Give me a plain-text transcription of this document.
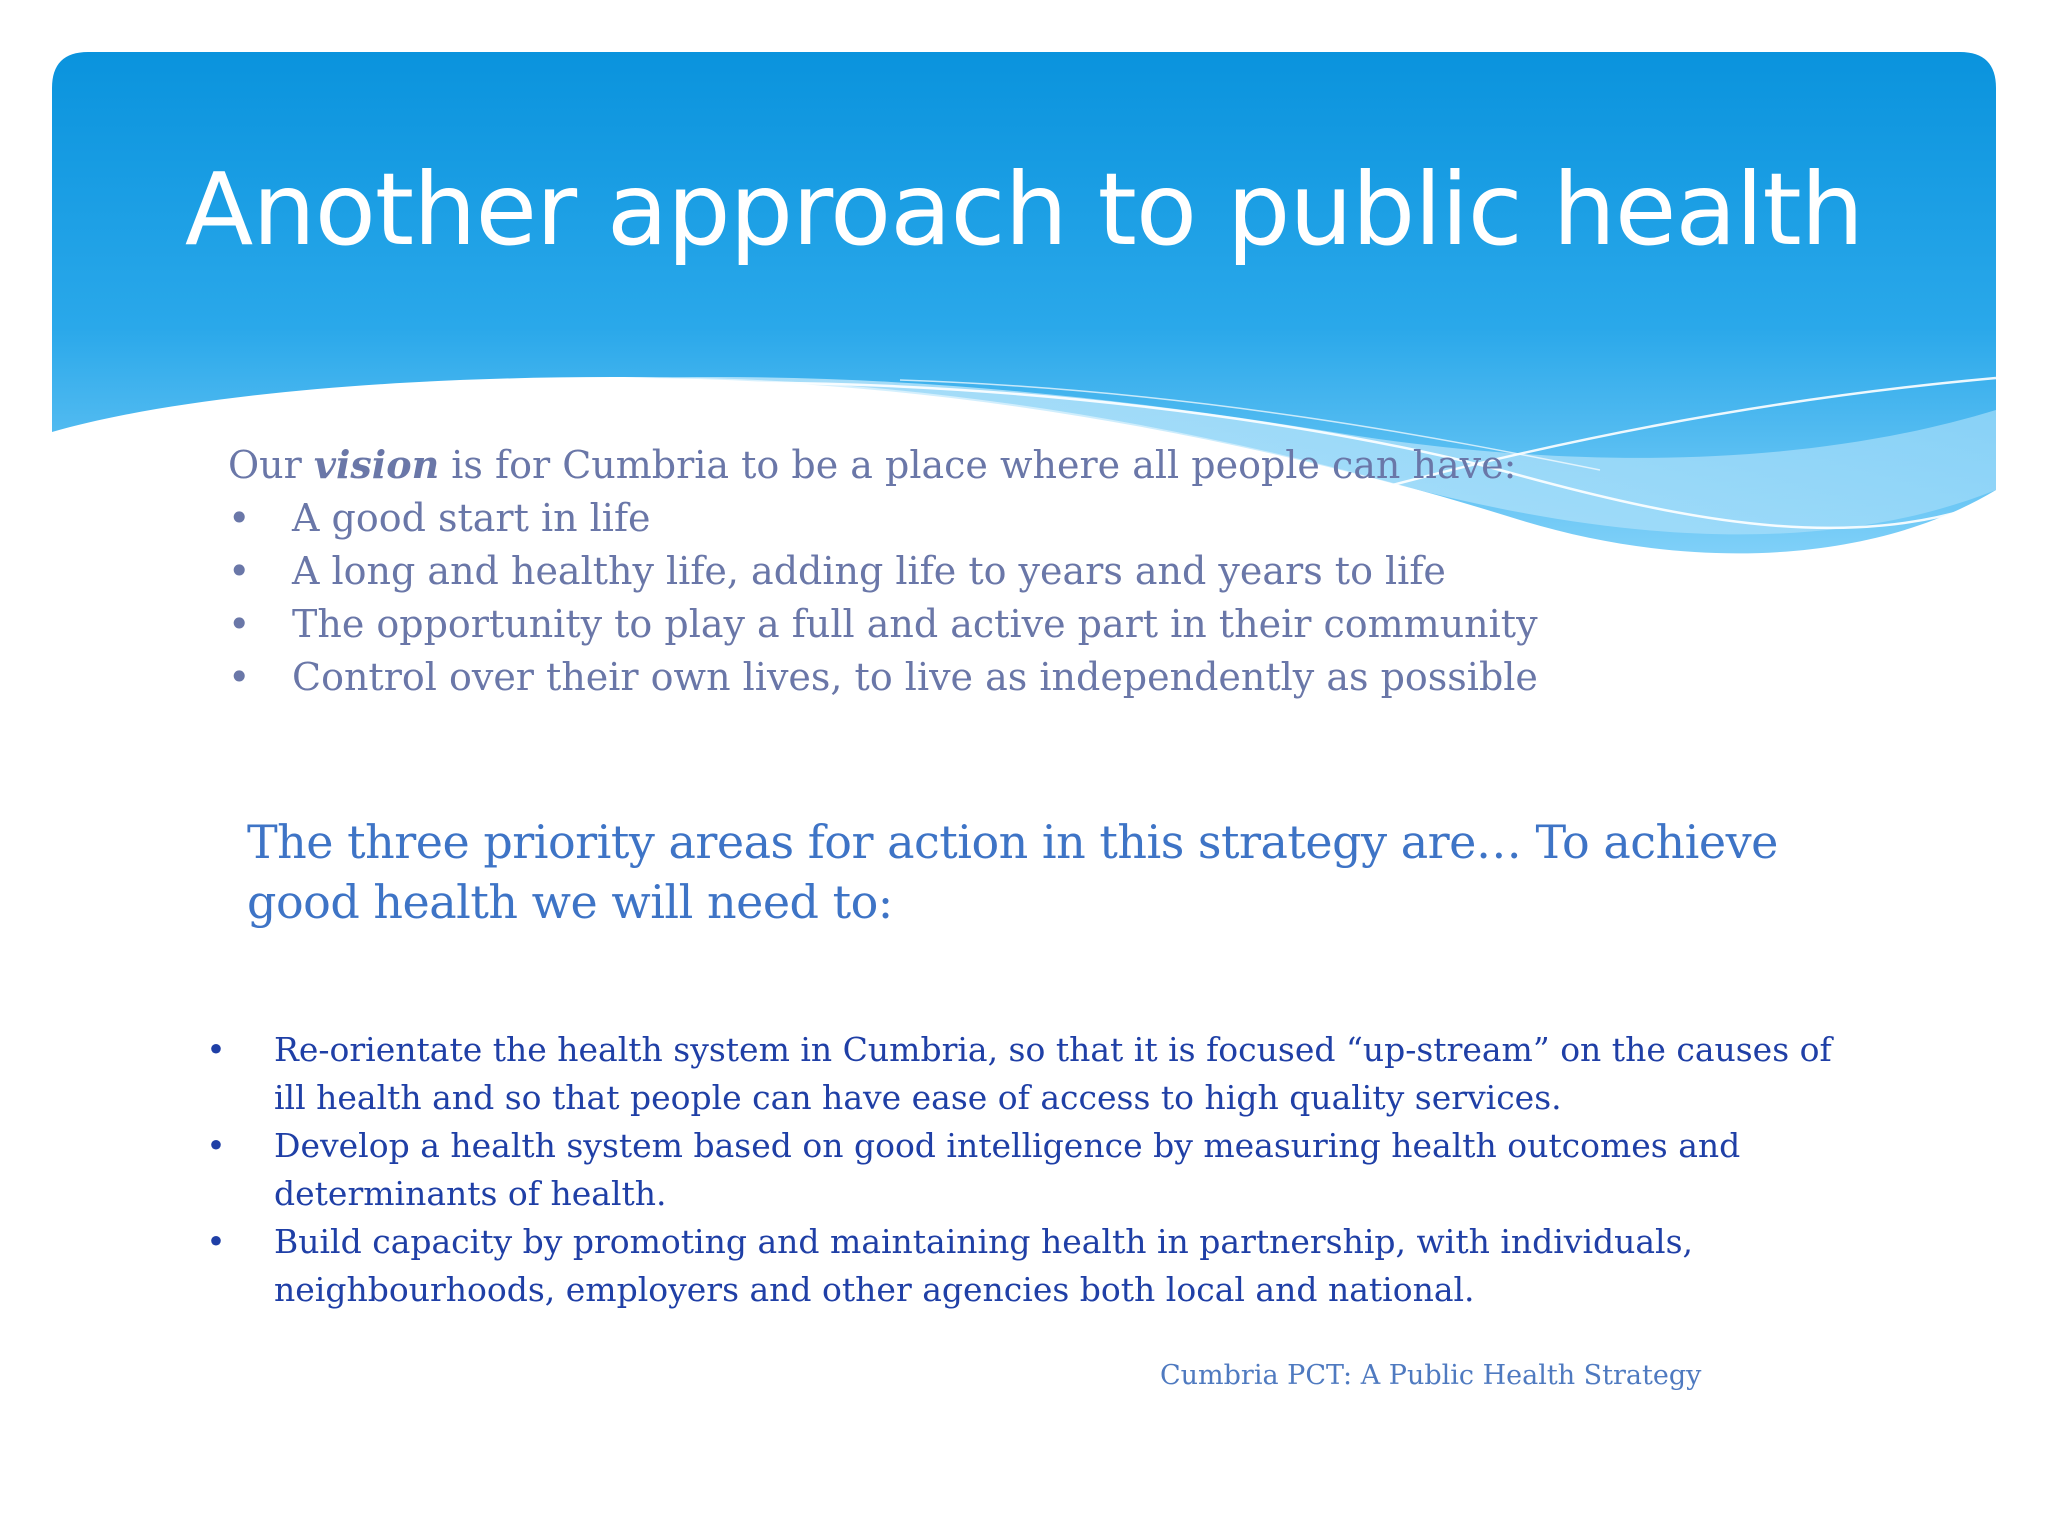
Another approach to public health
Our vision is for Cumbria to be a place where all people can have:
• A good start in life
• A long and healthy life, adding life to years and years to life
• The opportunity to play a full and active part in their community
• Control over their own lives, to live as independently as possible
The three priority areas for action in this strategy are… To achieve good health we will need to:
• Re-orientate the health system in Cumbria, so that it is focused “up-stream” on the causes of ill health and so that people can have ease of access to high quality services.
• Develop a health system based on good intelligence by measuring health outcomes and determinants of health.
• Build capacity by promoting and maintaining health in partnership, with individuals, neighbourhoods, employers and other agencies both local and national.
Cumbria PCT: A Public Health Strategy
